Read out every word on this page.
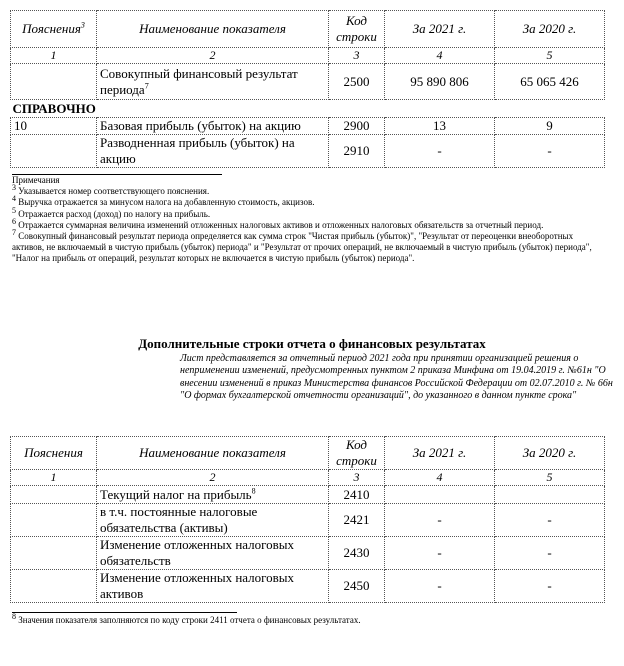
Пояснения$^3$	Наименование показателя	Код строки	За 2021 г.	За 2020 г.
1	2	3	4	5
	Совокупный финансовый результат периода$^7$	2500	95 890 806	65 065 426
СПРАВОЧНО				
10	Базовая прибыль (убыток) на акцию	2900	13	9
	Разводненная прибыль (убыток) на акцию	2910	-	-
Примечания
$^3$ Указывается номер соответствующего пояснения.
$^4$ Выручка отражается за минусом налога на добавленную стоимость, акцизов.
$^5$ Отражается расход (доход) по налогу на прибыль.
$^6$ Отражается суммарная величина изменений отложенных налоговых активов и отложенных налоговых обязательств за отчетный период.
$^7$ Совокупный финансовый результат периода определяется как сумма строк "Чистая прибыль (убыток)", "Результат от переоценки внеоборотных активов, не включаемый в чистую прибыль (убыток) периода" и "Результат от прочих операций, не включаемый в чистую прибыль (убыток) периода", "Налог на прибыль от операций, результат которых не включается в чистую прибыль (убыток) периода".
Дополнительные строки отчета о финансовых результатах
Лист представляется за отчетный период 2021 года при принятии организацией решения о неприменении изменений, предусмотренных пунктом 2 приказа Минфина от 19.04.2019 г. №61н "О внесении изменений в приказ Министерства финансов Российской Федерации от 02.07.2010 г. № 66н "О формах бухгалтерской отчетности организаций", до указанного в данном пункте срока"
Пояснения	Наименование показателя	Код строки	За 2021 г.	За 2020 г.
1	2	3	4	5
	Текущий налог на прибыль$^8$	2410		
	в т.ч. постоянные налоговые обязательства (активы)	2421	-	-
	Изменение отложенных налоговых обязательств	2430	-	-
	Изменение отложенных налоговых активов	2450	-	-
$^8$ Значения показателя заполняются по коду строки 2411 отчета о финансовых результатах.
